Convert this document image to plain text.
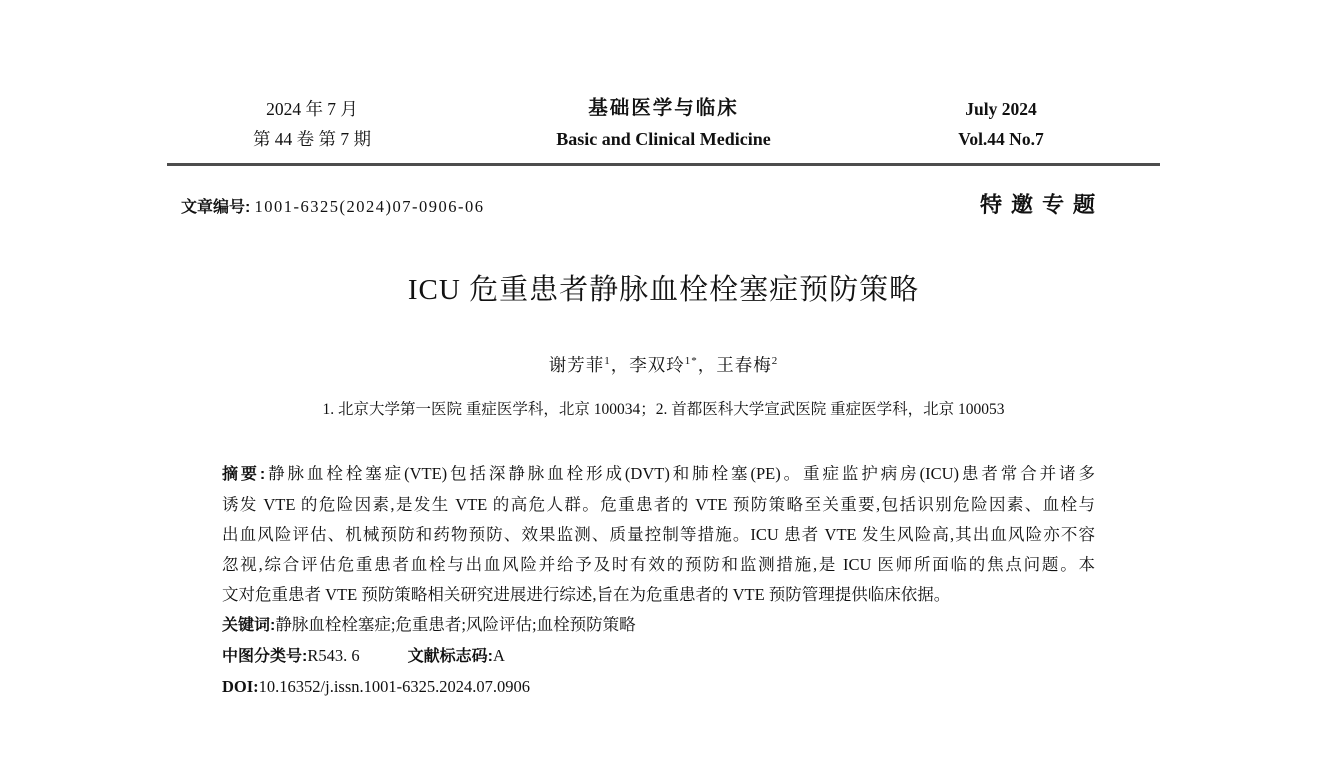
2024 年 7 月
第 44 卷 第 7 期
基础医学与临床
Basic and Clinical Medicine
July 2024
Vol.44 No.7
文章编号: 1001-6325(2024)07-0906-06	特邀专题
ICU 危重患者静脉血栓栓塞症预防策略
谢芳菲$^1$，李双玲$^{1*}$，王春梅$^2$
1. 北京大学第一医院 重症医学科，北京 100034；2. 首都医科大学宣武医院 重症医学科，北京 100053
摘要:静脉血栓栓塞症(VTE)包括深静脉血栓形成(DVT)和肺栓塞(PE)。重症监护病房(ICU)患者常合并诸多
诱发 VTE 的危险因素,是发生 VTE 的高危人群。危重患者的 VTE 预防策略至关重要,包括识别危险因素、血栓与
出血风险评估、机械预防和药物预防、效果监测、质量控制等措施。ICU 患者 VTE 发生风险高,其出血风险亦不容
忽视,综合评估危重患者血栓与出血风险并给予及时有效的预防和监测措施,是 ICU 医师所面临的焦点问题。本
文对危重患者 VTE 预防策略相关研究进展进行综述,旨在为危重患者的 VTE 预防管理提供临床依据。
关键词:静脉血栓栓塞症;危重患者;风险评估;血栓预防策略
中图分类号:R543. 6	文献标志码:A
DOI:10.16352/j.issn.1001-6325.2024.07.0906
